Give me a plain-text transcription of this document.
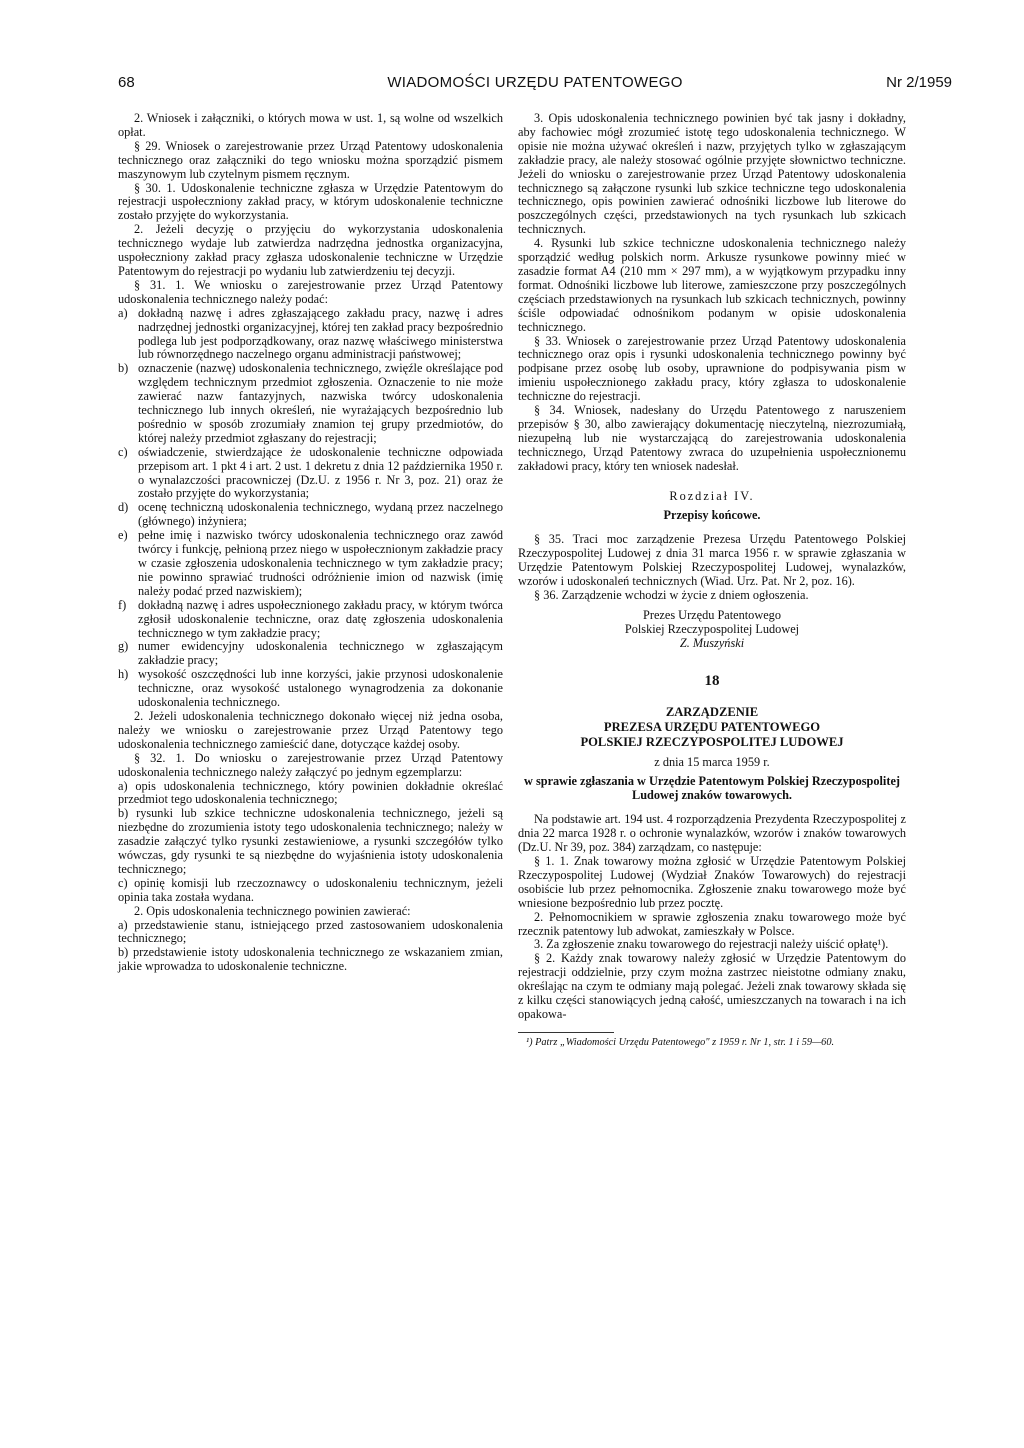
68	WIADOMOŚCI URZĘDU PATENTOWEGO	Nr 2/1959

2. Wniosek i załączniki, o których mowa w ust. 1, są wolne od wszelkich opłat.

§ 29. Wniosek o zarejestrowanie przez Urząd Patentowy udoskonalenia technicznego oraz załączniki do tego wniosku można sporządzić pismem maszynowym lub czytelnym pismem ręcznym.

§ 30. 1. Udoskonalenie techniczne zgłasza w Urzędzie Patentowym do rejestracji uspołeczniony zakład pracy, w którym udoskonalenie techniczne zostało przyjęte do wykorzystania.

2. Jeżeli decyzję o przyjęciu do wykorzystania udoskonalenia technicznego wydaje lub zatwierdza nadrzędna jednostka organizacyjna, uspołeczniony zakład pracy zgłasza udoskonalenie techniczne w Urzędzie Patentowym do rejestracji po wydaniu lub zatwierdzeniu tej decyzji.

§ 31. 1. We wniosku o zarejestrowanie przez Urząd Patentowy udoskonalenia technicznego należy podać:

a) dokładną nazwę i adres zgłaszającego zakładu pracy, nazwę i adres nadrzędnej jednostki organizacyjnej, której ten zakład pracy bezpośrednio podlega lub jest podporządkowany, oraz nazwę właściwego ministerstwa lub równorzędnego naczelnego organu administracji państwowej;
b) oznaczenie (nazwę) udoskonalenia technicznego, zwięźle określające pod względem technicznym przedmiot zgłoszenia. Oznaczenie to nie może zawierać nazw fantazyjnych, nazwiska twórcy udoskonalenia technicznego lub innych określeń, nie wyrażających bezpośrednio lub pośrednio w sposób zrozumiały znamion tej grupy przedmiotów, do której należy przedmiot zgłaszany do rejestracji;
c) oświadczenie, stwierdzające że udoskonalenie techniczne odpowiada przepisom art. 1 pkt 4 i art. 2 ust. 1 dekretu z dnia 12 października 1950 r. o wynalazczości pracowniczej (Dz.U. z 1956 r. Nr 3, poz. 21) oraz że zostało przyjęte do wykorzystania;
d) ocenę techniczną udoskonalenia technicznego, wydaną przez naczelnego (głównego) inżyniera;
e) pełne imię i nazwisko twórcy udoskonalenia technicznego oraz zawód twórcy i funkcję, pełnioną przez niego w uspołecznionym zakładzie pracy w czasie zgłoszenia udoskonalenia technicznego w tym zakładzie pracy; nie powinno sprawiać trudności odróżnienie imion od nazwisk (imię należy podać przed nazwiskiem);
f) dokładną nazwę i adres uspołecznionego zakładu pracy, w którym twórca zgłosił udoskonalenie techniczne, oraz datę zgłoszenia udoskonalenia technicznego w tym zakładzie pracy;
g) numer ewidencyjny udoskonalenia technicznego w zgłaszającym zakładzie pracy;
h) wysokość oszczędności lub inne korzyści, jakie przynosi udoskonalenie techniczne, oraz wysokość ustalonego wynagrodzenia za dokonanie udoskonalenia technicznego.

2. Jeżeli udoskonalenia technicznego dokonało więcej niż jedna osoba, należy we wniosku o zarejestrowanie przez Urząd Patentowy tego udoskonalenia technicznego zamieścić dane, dotyczące każdej osoby.

§ 32. 1. Do wniosku o zarejestrowanie przez Urząd Patentowy udoskonalenia technicznego należy załączyć po jednym egzemplarzu:

a) opis udoskonalenia technicznego, który powinien dokładnie określać przedmiot tego udoskonalenia technicznego;

b) rysunki lub szkice techniczne udoskonalenia technicznego, jeżeli są niezbędne do zrozumienia istoty tego udoskonalenia technicznego; należy w zasadzie załączyć tylko rysunki zestawieniowe, a rysunki szczegółów tylko wówczas, gdy rysunki te są niezbędne do wyjaśnienia istoty udoskonalenia technicznego;

c) opinię komisji lub rzeczoznawcy o udoskonaleniu technicznym, jeżeli opinia taka została wydana.

2. Opis udoskonalenia technicznego powinien zawierać:

a) przedstawienie stanu, istniejącego przed zastosowaniem udoskonalenia technicznego;

b) przedstawienie istoty udoskonalenia technicznego ze wskazaniem zmian, jakie wprowadza to udoskonalenie techniczne.

3. Opis udoskonalenia technicznego powinien być tak jasny i dokładny, aby fachowiec mógł zrozumieć istotę tego udoskonalenia technicznego. W opisie nie można używać określeń i nazw, przyjętych tylko w zgłaszającym zakładzie pracy, ale należy stosować ogólnie przyjęte słownictwo techniczne. Jeżeli do wniosku o zarejestrowanie przez Urząd Patentowy udoskonalenia technicznego są załączone rysunki lub szkice techniczne tego udoskonalenia technicznego, opis powinien zawierać odnośniki liczbowe lub literowe do poszczególnych części, przedstawionych na tych rysunkach lub szkicach technicznych.

4. Rysunki lub szkice techniczne udoskonalenia technicznego należy sporządzić według polskich norm. Arkusze rysunkowe powinny mieć w zasadzie format A4 (210 mm × 297 mm), a w wyjątkowym przypadku inny format. Odnośniki liczbowe lub literowe, zamieszczone przy poszczególnych częściach przedstawionych na rysunkach lub szkicach technicznych, powinny ściśle odpowiadać odnośnikom podanym w opisie udoskonalenia technicznego.

§ 33. Wniosek o zarejestrowanie przez Urząd Patentowy udoskonalenia technicznego oraz opis i rysunki udoskonalenia technicznego powinny być podpisane przez osobę lub osoby, uprawnione do podpisywania pism w imieniu uspołecznionego zakładu pracy, który zgłasza to udoskonalenie techniczne do rejestracji.

§ 34. Wniosek, nadesłany do Urzędu Patentowego z naruszeniem przepisów § 30, albo zawierający dokumentację nieczytelną, niezrozumiałą, niezupełną lub nie wystarczającą do zarejestrowania udoskonalenia technicznego, Urząd Patentowy zwraca do uzupełnienia uspołecznionemu zakładowi pracy, który ten wniosek nadesłał.

Rozdział IV.

Przepisy końcowe.

§ 35. Traci moc zarządzenie Prezesa Urzędu Patentowego Polskiej Rzeczypospolitej Ludowej z dnia 31 marca 1956 r. w sprawie zgłaszania w Urzędzie Patentowym Polskiej Rzeczypospolitej Ludowej, wynalazków, wzorów i udoskonaleń technicznych (Wiad. Urz. Pat. Nr 2, poz. 16).

§ 36. Zarządzenie wchodzi w życie z dniem ogłoszenia.

Prezes Urzędu Patentowego

Polskiej Rzeczypospolitej Ludowej

Z. Muszyński

18

ZARZĄDZENIE

PREZESA URZĘDU PATENTOWEGO

POLSKIEJ RZECZYPOSPOLITEJ LUDOWEJ

z dnia 15 marca 1959 r.

w sprawie zgłaszania w Urzędzie Patentowym Polskiej Rzeczypospolitej Ludowej znaków towarowych.

Na podstawie art. 194 ust. 4 rozporządzenia Prezydenta Rzeczypospolitej z dnia 22 marca 1928 r. o ochronie wynalazków, wzorów i znaków towarowych (Dz.U. Nr 39, poz. 384) zarządzam, co następuje:

§ 1. 1. Znak towarowy można zgłosić w Urzędzie Patentowym Polskiej Rzeczypospolitej Ludowej (Wydział Znaków Towarowych) do rejestracji osobiście lub przez pełnomocnika. Zgłoszenie znaku towarowego może być wniesione bezpośrednio lub przez pocztę.

2. Pełnomocnikiem w sprawie zgłoszenia znaku towarowego może być rzecznik patentowy lub adwokat, zamieszkały w Polsce.

3. Za zgłoszenie znaku towarowego do rejestracji należy uiścić opłatę¹).

§ 2. Każdy znak towarowy należy zgłosić w Urzędzie Patentowym do rejestracji oddzielnie, przy czym można zastrzec nieistotne odmiany znaku, określając na czym te odmiany mają polegać. Jeżeli znak towarowy składa się z kilku części stanowiących jedną całość, umieszczanych na towarach i na ich opakowa-

¹) Patrz „Wiadomości Urzędu Patentowego" z 1959 r. Nr 1, str. 1 i 59—60.
